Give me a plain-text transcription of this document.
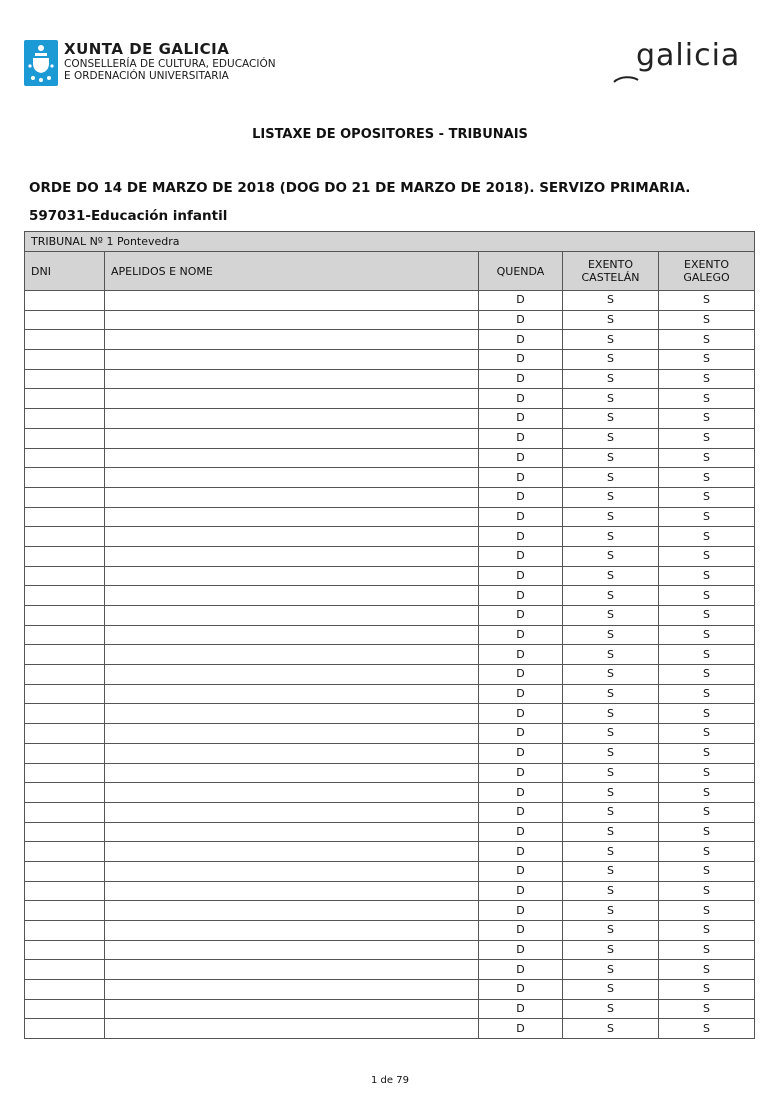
XUNTA DE GALICIA
CONSELLERÍA DE CULTURA, EDUCACIÓN
E ORDENACIÓN UNIVERSITARIA
galicia
LISTAXE DE OPOSITORES - TRIBUNAIS
ORDE DO 14 DE MARZO DE 2018 (DOG DO 21 DE MARZO DE 2018). SERVIZO PRIMARIA.
597031-Educación infantil
TRIBUNAL Nº 1 Pontevedra				
DNI	APELIDOS E NOME	QUENDA	EXENTO CASTELÁN	EXENTO GALEGO
		D	S	S
		D	S	S
		D	S	S
		D	S	S
		D	S	S
		D	S	S
		D	S	S
		D	S	S
		D	S	S
		D	S	S
		D	S	S
		D	S	S
		D	S	S
		D	S	S
		D	S	S
		D	S	S
		D	S	S
		D	S	S
		D	S	S
		D	S	S
		D	S	S
		D	S	S
		D	S	S
		D	S	S
		D	S	S
		D	S	S
		D	S	S
		D	S	S
		D	S	S
		D	S	S
		D	S	S
		D	S	S
		D	S	S
		D	S	S
		D	S	S
		D	S	S
		D	S	S
		D	S	S
1 de 79
